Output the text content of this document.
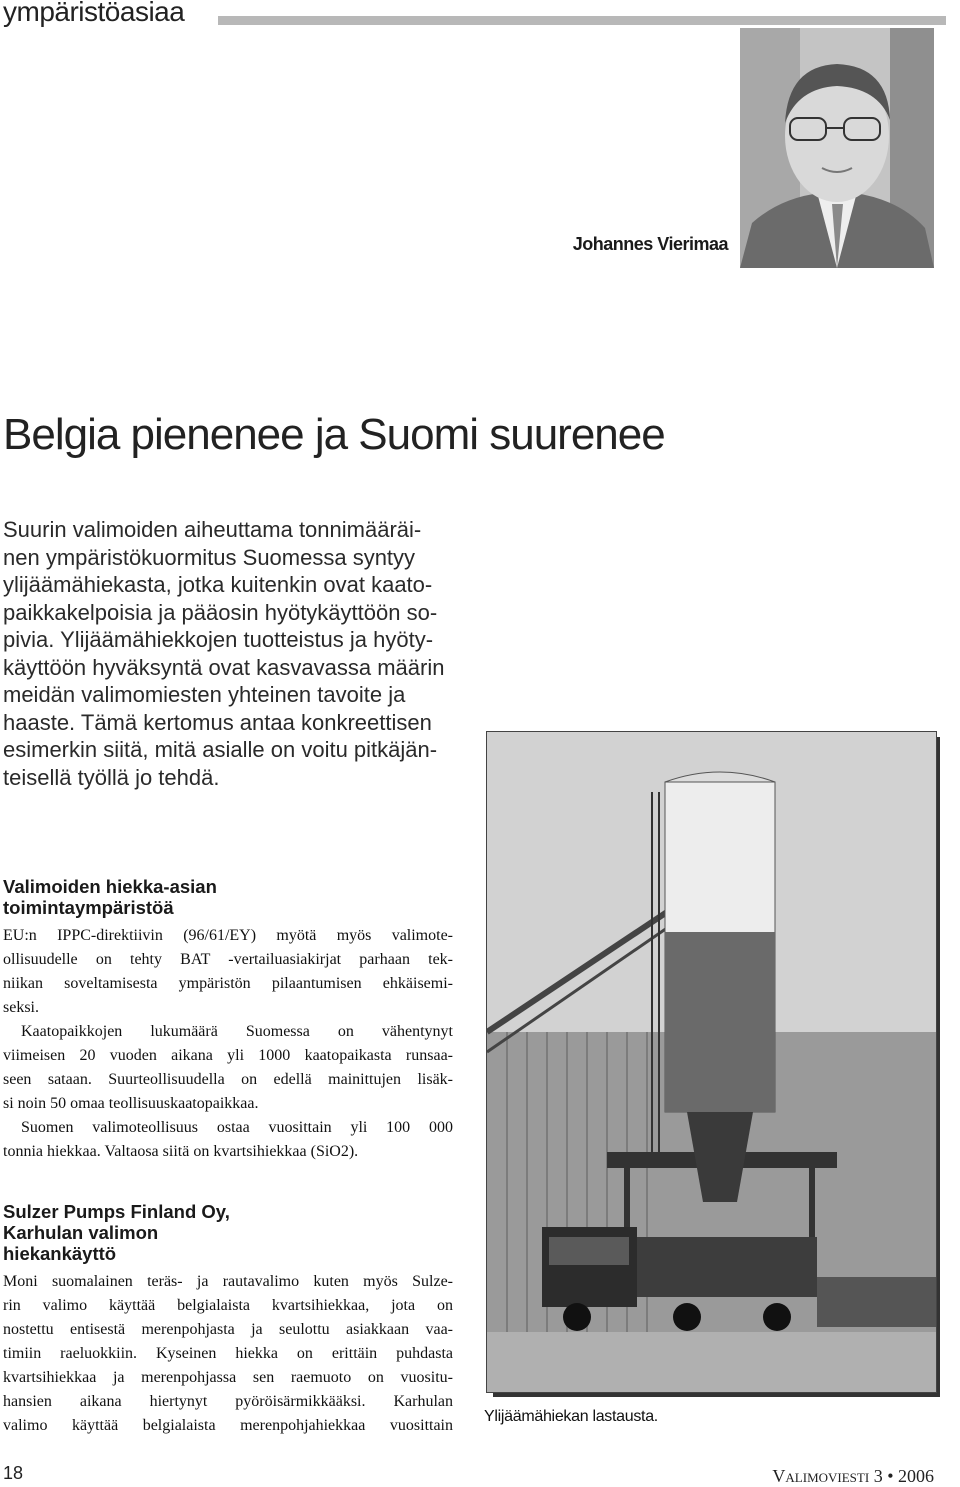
ympäristöasiaa
Johannes Vierimaa
Belgia pienenee ja Suomi suurenee
Suurin valimoiden aiheuttama tonnimääräi-
nen ympäristökuormitus Suomessa syntyy
ylijäämähiekasta, jotka kuitenkin ovat kaato-
paikkakelpoisia ja pääosin hyötykäyttöön so-
pivia. Ylijäämähiekkojen tuotteistus ja hyöty-
käyttöön hyväksyntä ovat kasvavassa määrin
meidän valimomiesten yhteinen tavoite ja
haaste. Tämä kertomus antaa konkreettisen
esimerkin siitä, mitä asialle on voitu pitkäjän-
teisellä työllä jo tehdä.
Valimoiden hiekka-asian
toimintaympäristöä
EU:n IPPC-direktiivin (96/61/EY) myötä myös valimote-
ollisuudelle on tehty BAT -vertailuasiakirjat parhaan tek-
niikan soveltamisesta ympäristön pilaantumisen ehkäisemi-
seksi.
Kaatopaikkojen lukumäärä Suomessa on vähentynyt
viimeisen 20 vuoden aikana yli 1000 kaatopaikasta runsaa-
seen sataan. Suurteollisuudella on edellä mainittujen lisäk-
si noin 50 omaa teollisuuskaatopaikkaa.
Suomen valimoteollisuus ostaa vuosittain yli 100 000
tonnia hiekkaa. Valtaosa siitä on kvartsihiekkaa (SiO2).
Sulzer Pumps Finland Oy,
Karhulan valimon
hiekankäyttö
Moni suomalainen teräs- ja rautavalimo kuten myös Sulze-
rin valimo käyttää belgialaista kvartsihiekkaa, jota on
nostettu entisestä merenpohjasta ja seulottu asiakkaan vaa-
timiin raeluokkiin. Kyseinen hiekka on erittäin puhdasta
kvartsihiekkaa ja merenpohjassa sen raemuoto on vuositu-
hansien aikana hiertynyt pyöröisärmikkääksi. Karhulan
valimo käyttää belgialaista merenpohjahiekkaa vuosittain
Ylijäämähiekan lastausta.
18	Valimoviesti 3 • 2006
